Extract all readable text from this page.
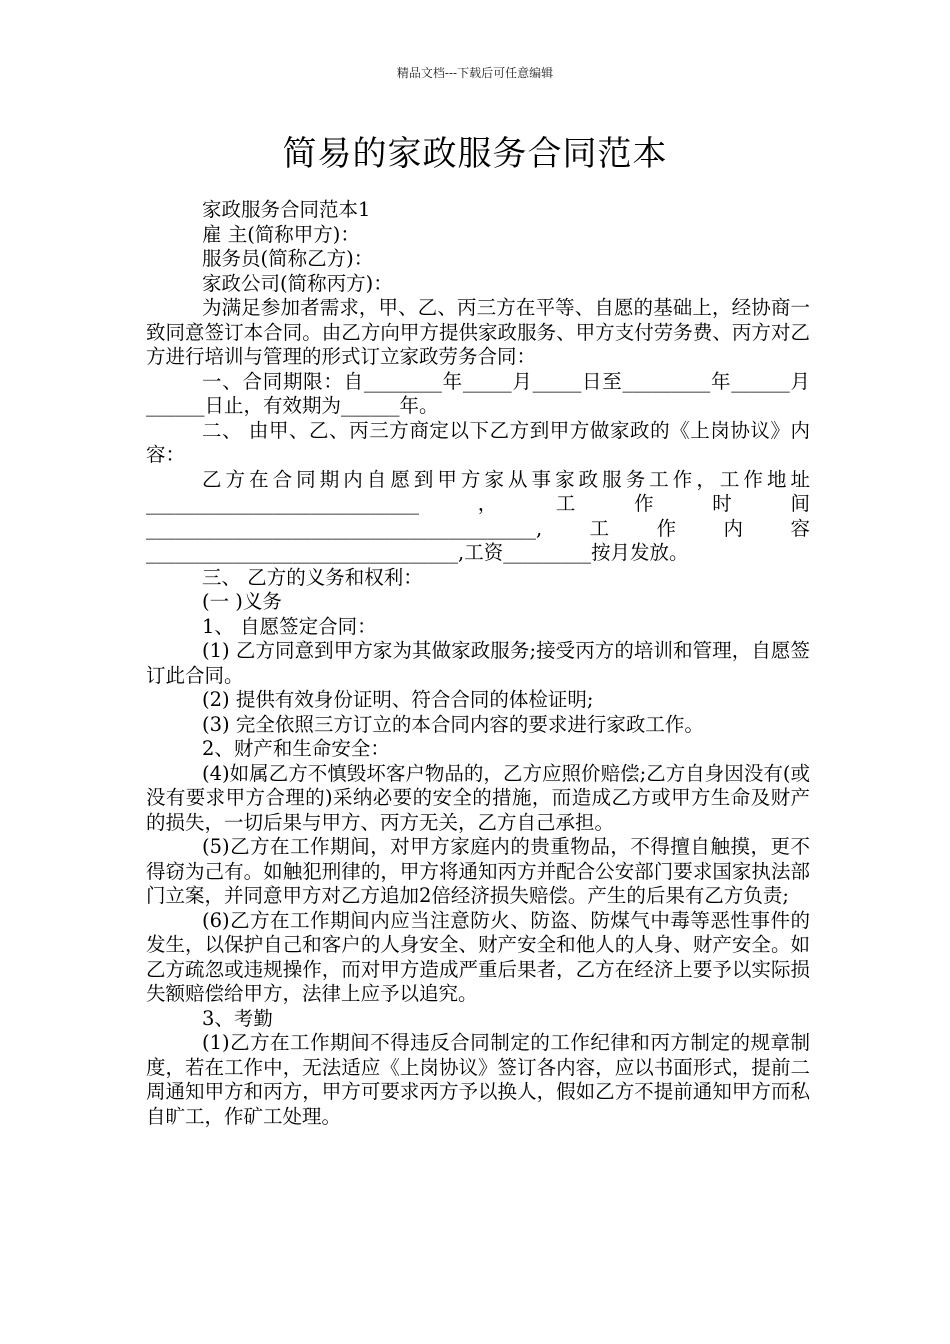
精品文档---下载后可任意编辑
简易的家政服务合同范本

家政服务合同范本1

雇 主(简称甲方)：

服务员(简称乙方)：

家政公司(简称丙方)：

为满足参加者需求，甲、乙、丙三方在平等、自愿的基础上，经协商一致同意签订本合同。由乙方向甲方提供家政服务、甲方支付劳务费、丙方对乙方进行培训与管理的形式订立家政劳务合同：

一、合同期限：自________年_____月_____日至_________年______月______日止，有效期为______年。

二、 由甲、乙、丙三方商定以下乙方到甲方做家政的《上岗协议》内容：

乙方在合同期内自愿到甲方家从事家政服务工作，工作地址____________________________，工作时间________________________________________,工作内容________________________________,工资_________按月发放。

三、 乙方的义务和权利：

(一 )义务

1、 自愿签定合同：

(1) 乙方同意到甲方家为其做家政服务;接受丙方的培训和管理，自愿签订此合同。

(2) 提供有效身份证明、符合合同的体检证明;

(3) 完全依照三方订立的本合同内容的要求进行家政工作。

2、财产和生命安全：

(4)如属乙方不慎毁坏客户物品的，乙方应照价赔偿;乙方自身因没有(或没有要求甲方合理的)采纳必要的安全的措施，而造成乙方或甲方生命及财产的损失，一切后果与甲方、丙方无关，乙方自己承担。

(5)乙方在工作期间，对甲方家庭内的贵重物品，不得擅自触摸，更不得窃为己有。如触犯刑律的，甲方将通知丙方并配合公安部门要求国家执法部门立案，并同意甲方对乙方追加2倍经济损失赔偿。产生的后果有乙方负责;

(6)乙方在工作期间内应当注意防火、防盗、防煤气中毒等恶性事件的发生，以保护自己和客户的人身安全、财产安全和他人的人身、财产安全。如乙方疏忽或违规操作，而对甲方造成严重后果者，乙方在经济上要予以实际损失额赔偿给甲方，法律上应予以追究。

3、考勤

(1)乙方在工作期间不得违反合同制定的工作纪律和丙方制定的规章制度，若在工作中，无法适应《上岗协议》签订各内容，应以书面形式，提前二周通知甲方和丙方，甲方可要求丙方予以换人，假如乙方不提前通知甲方而私自旷工，作矿工处理。
